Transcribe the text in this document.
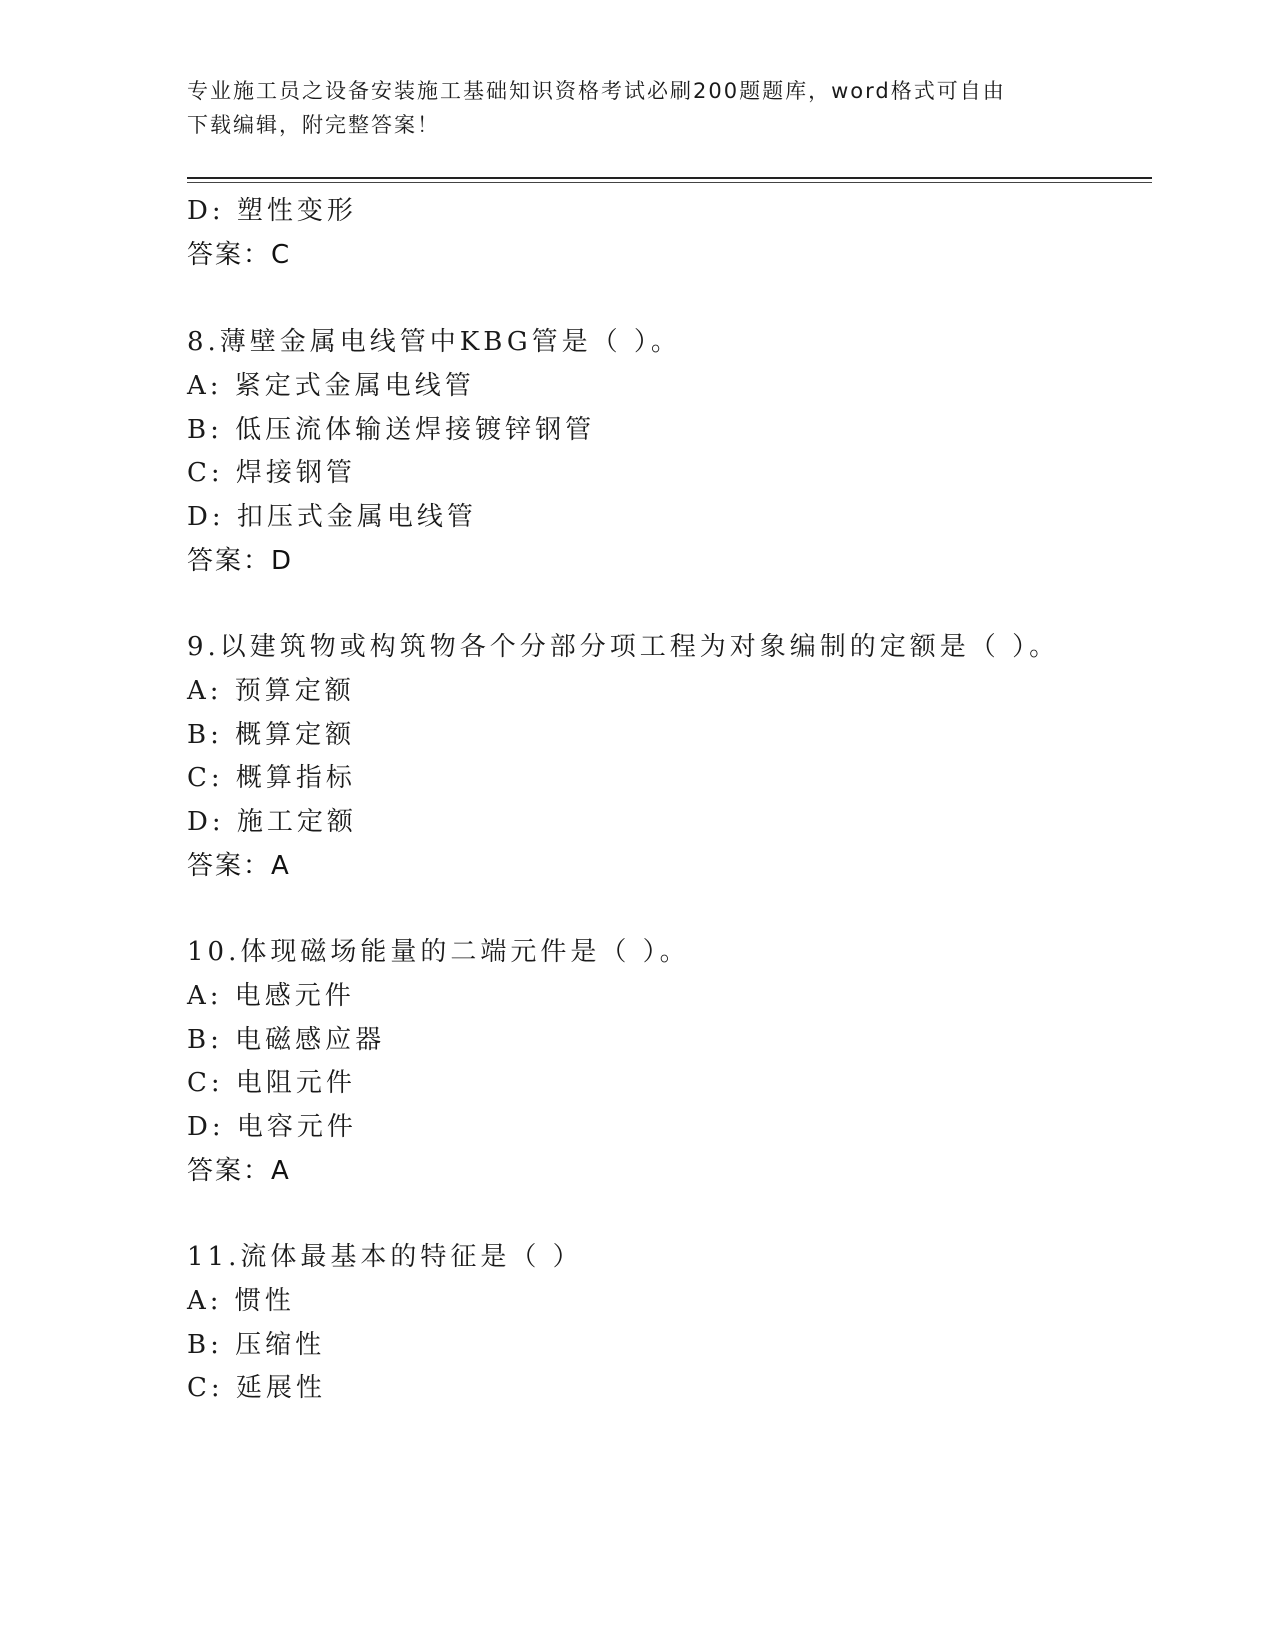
专业施工员之设备安装施工基础知识资格考试必刷200题题库，word格式可自由
下载编辑，附完整答案！
D: 塑性变形
答案：C
8.薄壁金属电线管中KBG管是（ ）。
A: 紧定式金属电线管
B: 低压流体输送焊接镀锌钢管
C: 焊接钢管
D: 扣压式金属电线管
答案：D
9.以建筑物或构筑物各个分部分项工程为对象编制的定额是（ ）。
A: 预算定额
B: 概算定额
C: 概算指标
D: 施工定额
答案：A
10.体现磁场能量的二端元件是（ ）。
A: 电感元件
B: 电磁感应器
C: 电阻元件
D: 电容元件
答案：A
11.流体最基本的特征是（ ）
A: 惯性
B: 压缩性
C: 延展性
